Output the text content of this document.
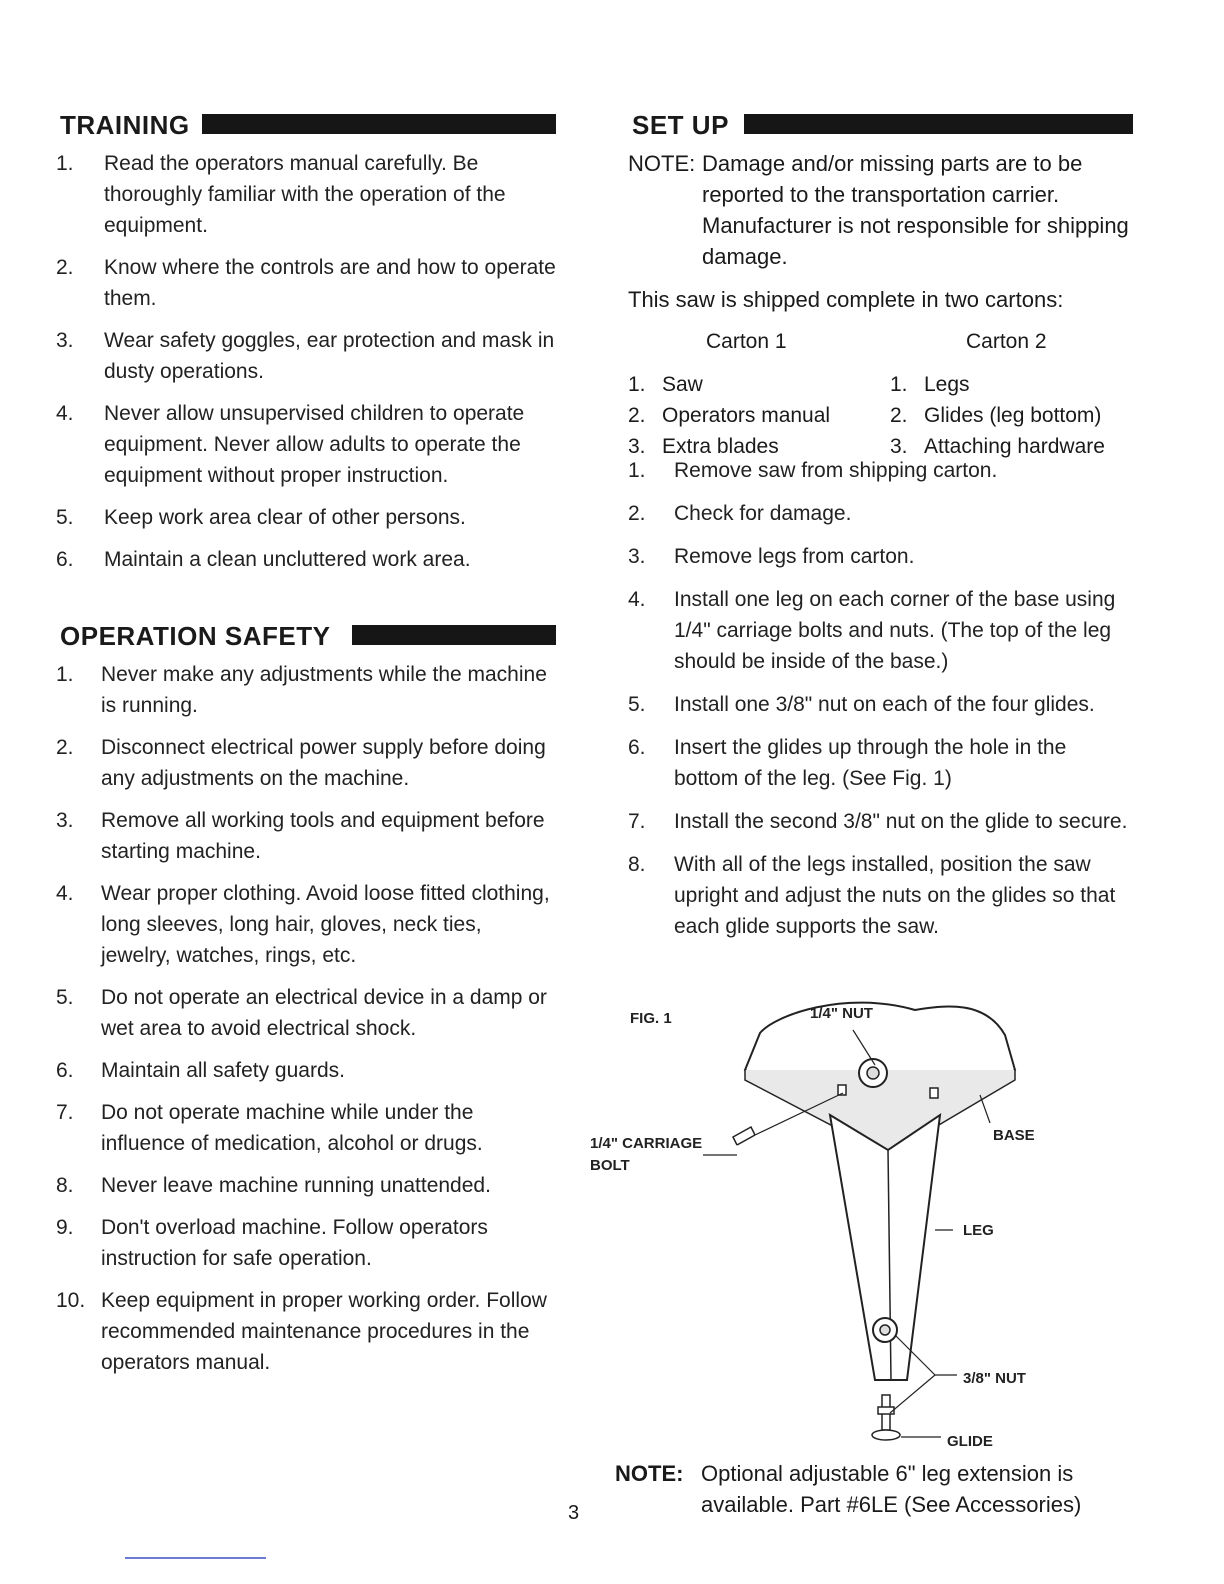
TRAINING
1. Read the operators manual carefully. Be thoroughly familiar with the operation of the equipment.
2. Know where the controls are and how to operate them.
3. Wear safety goggles, ear protection and mask in dusty operations.
4. Never allow unsupervised children to operate equipment. Never allow adults to operate the equipment without proper instruction.
5. Keep work area clear of other persons.
6. Maintain a clean uncluttered work area.
OPERATION SAFETY
1. Never make any adjustments while the machine is running.
2. Disconnect electrical power supply before doing any adjustments on the machine.
3. Remove all working tools and equipment before starting machine.
4. Wear proper clothing. Avoid loose fitted clothing, long sleeves, long hair, gloves, neck ties, jewelry, watches, rings, etc.
5. Do not operate an electrical device in a damp or wet area to avoid electrical shock.
6. Maintain all safety guards.
7. Do not operate machine while under the influence of medication, alcohol or drugs.
8. Never leave machine running unattended.
9. Don't overload machine. Follow operators instruction for safe operation.
10. Keep equipment in proper working order. Follow recommended maintenance procedures in the operators manual.
SET UP
NOTE: Damage and/or missing parts are to be reported to the transportation carrier. Manufacturer is not responsible for shipping damage.

This saw is shipped complete in two cartons:

Carton 1	Carton 2
1. Saw
2. Operators manual
3. Extra blades
1. Legs
2. Glides (leg bottom)
3. Attaching hardware
1. Remove saw from shipping carton.
2. Check for damage.
3. Remove legs from carton.
4. Install one leg on each corner of the base using 1/4" carriage bolts and nuts. (The top of the leg should be inside of the base.)
5. Install one 3/8" nut on each of the four glides.
6. Insert the glides up through the hole in the bottom of the leg. (See Fig. 1)
7. Install the second 3/8" nut on the glide to secure.
8. With all of the legs installed, position the saw upright and adjust the nuts on the glides so that each glide supports the saw.
FIG. 1	1/4" NUT
1/4" CARRIAGE
BOLT
BASE
LEG
3/8" NUT
GLIDE
NOTE: Optional adjustable 6" leg extension is available. Part #6LE (See Accessories)
3
